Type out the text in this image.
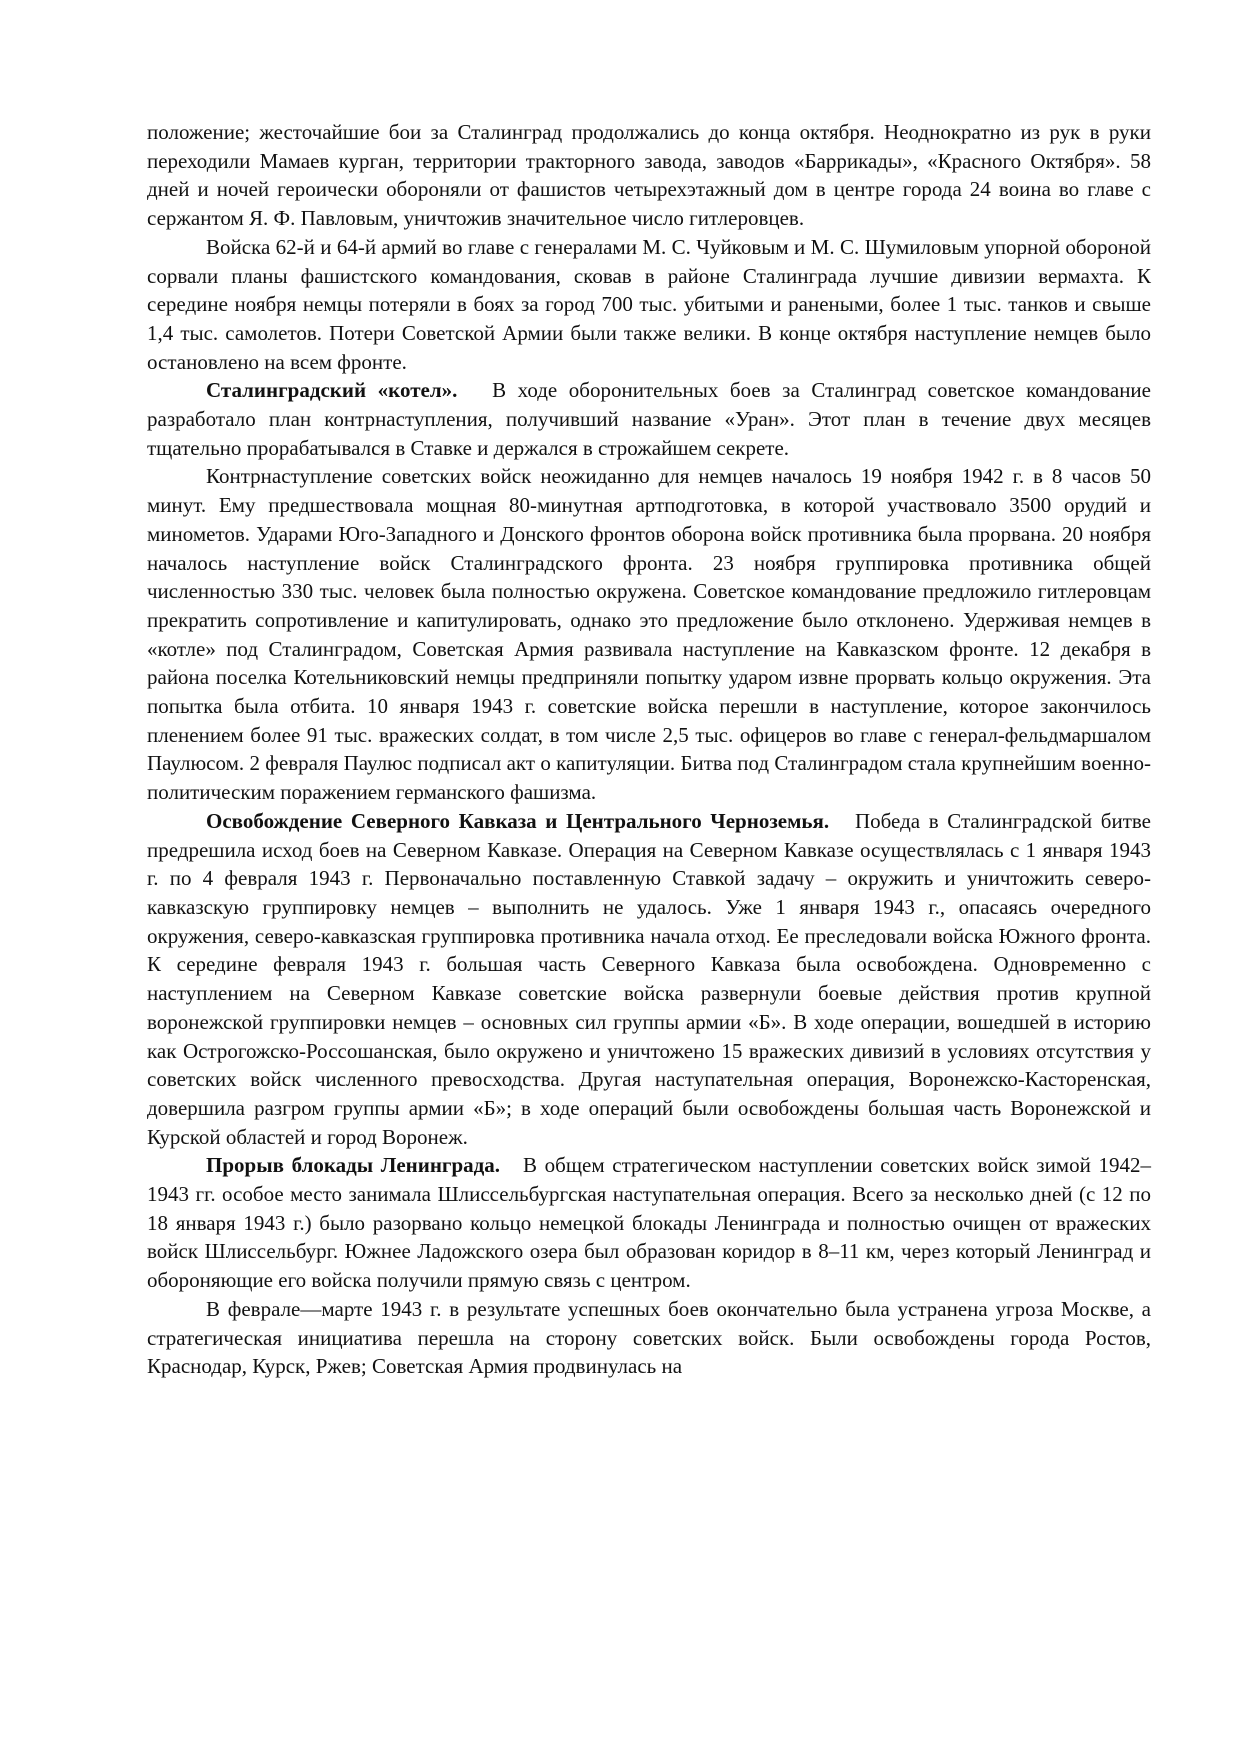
положение; жесточайшие бои за Сталинград продолжались до конца октября. Неоднократно из рук в руки переходили Мамаев курган, территории тракторного завода, заводов «Баррикады», «Красного Октября». 58 дней и ночей героически обороняли от фашистов четырехэтажный дом в центре города 24 воина во главе с сержантом Я. Ф. Павловым, уничтожив значительное число гитлеровцев.

Войска 62-й и 64-й армий во главе с генералами М. С. Чуйковым и М. С. Шумиловым упорной обороной сорвали планы фашистского командования, сковав в районе Сталинграда лучшие дивизии вермахта. К середине ноября немцы потеряли в боях за город 700 тыс. убитыми и ранеными, более 1 тыс. танков и свыше 1,4 тыс. самолетов. Потери Советской Армии были также велики. В конце октября наступление немцев было остановлено на всем фронте.

Сталинградский «котел». В ходе оборонительных боев за Сталинград советское командование разработало план контрнаступления, получивший название «Уран». Этот план в течение двух месяцев тщательно прорабатывался в Ставке и держался в строжайшем секрете.

Контрнаступление советских войск неожиданно для немцев началось 19 ноября 1942 г. в 8 часов 50 минут. Ему предшествовала мощная 80-минутная артподготовка, в которой участвовало 3500 орудий и минометов. Ударами Юго-Западного и Донского фронтов оборона войск противника была прорвана. 20 ноября началось наступление войск Сталинградского фронта. 23 ноября группировка противника общей численностью 330 тыс. человек была полностью окружена. Советское командование предложило гитлеровцам прекратить сопротивление и капитулировать, однако это предложение было отклонено. Удерживая немцев в «котле» под Сталинградом, Советская Армия развивала наступление на Кавказском фронте. 12 декабря в района поселка Котельниковский немцы предприняли попытку ударом извне прорвать кольцо окружения. Эта попытка была отбита. 10 января 1943 г. советские войска перешли в наступление, которое закончилось пленением более 91 тыс. вражеских солдат, в том числе 2,5 тыс. офицеров во главе с генерал-фельдмаршалом Паулюсом. 2 февраля Паулюс подписал акт о капитуляции. Битва под Сталинградом стала крупнейшим военно-политическим поражением германского фашизма.

Освобождение Северного Кавказа и Центрального Черноземья. Победа в Сталинградской битве предрешила исход боев на Северном Кавказе. Операция на Северном Кавказе осуществлялась с 1 января 1943 г. по 4 февраля 1943 г. Первоначально поставленную Ставкой задачу – окружить и уничтожить северо-кавказскую группировку немцев – выполнить не удалось. Уже 1 января 1943 г., опасаясь очередного окружения, северо-кавказская группировка противника начала отход. Ее преследовали войска Южного фронта. К середине февраля 1943 г. большая часть Северного Кавказа была освобождена. Одновременно с наступлением на Северном Кавказе советские войска развернули боевые действия против крупной воронежской группировки немцев – основных сил группы армии «Б». В ходе операции, вошедшей в историю как Острогожско-Россошанская, было окружено и уничтожено 15 вражеских дивизий в условиях отсутствия у советских войск численного превосходства. Другая наступательная операция, Воронежско-Касторенская, довершила разгром группы армии «Б»; в ходе операций были освобождены большая часть Воронежской и Курской областей и город Воронеж.

Прорыв блокады Ленинграда. В общем стратегическом наступлении советских войск зимой 1942–1943 гг. особое место занимала Шлиссельбургская наступательная операция. Всего за несколько дней (с 12 по 18 января 1943 г.) было разорвано кольцо немецкой блокады Ленинграда и полностью очищен от вражеских войск Шлиссельбург. Южнее Ладожского озера был образован коридор в 8–11 км, через который Ленинград и обороняющие его войска получили прямую связь с центром.

В феврале—марте 1943 г. в результате успешных боев окончательно была устранена угроза Москве, а стратегическая инициатива перешла на сторону советских войск. Были освобождены города Ростов, Краснодар, Курск, Ржев; Советская Армия продвинулась на
